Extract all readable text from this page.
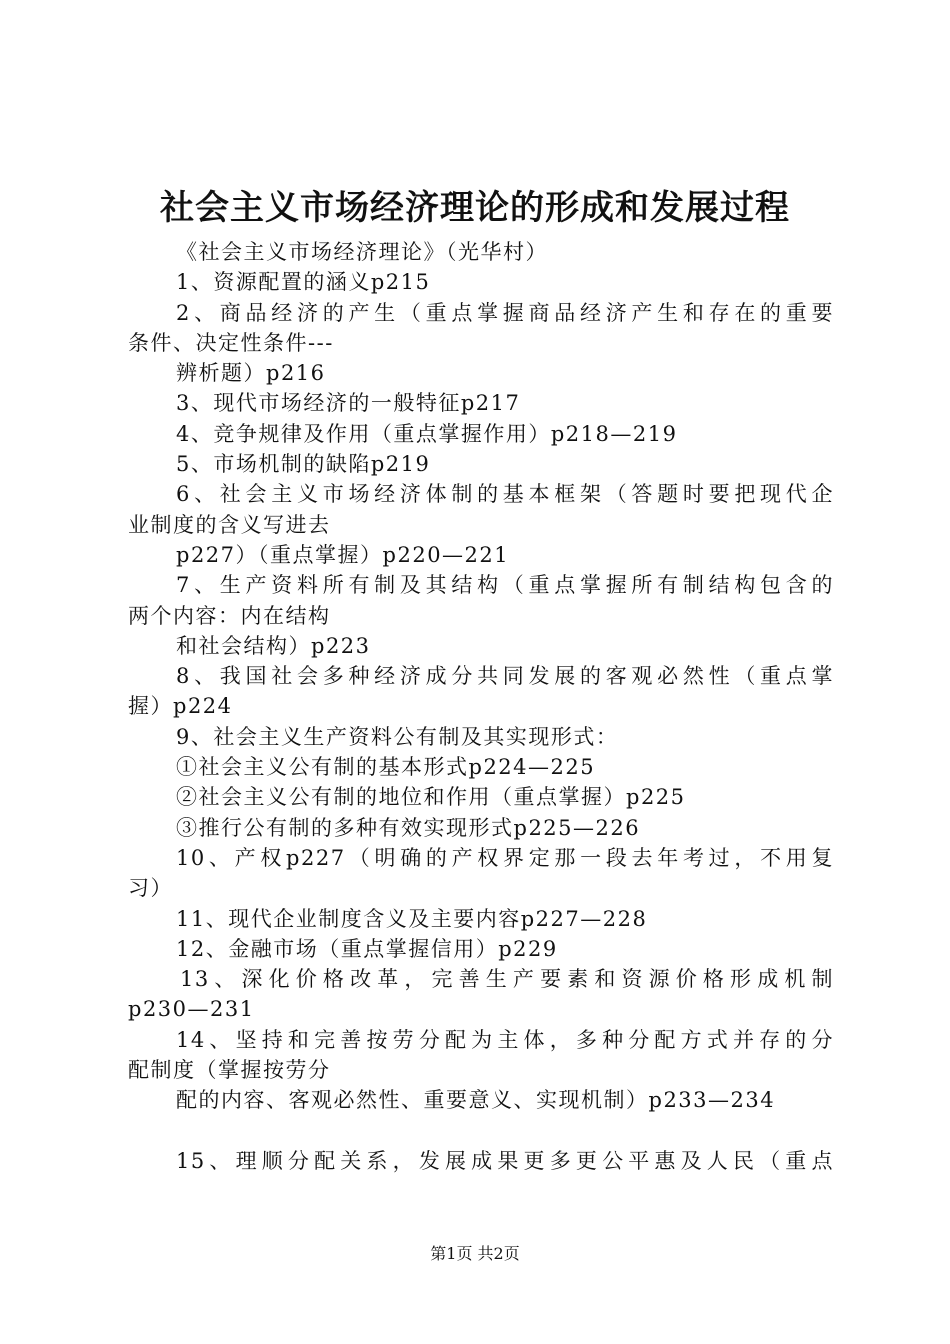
社会主义市场经济理论的形成和发展过程
《社会主义市场经济理论》（光华村）
1、资源配置的涵义p215
2、商品经济的产生（重点掌握商品经济产生和存在的重要
条件、决定性条件---
辨析题）p216
3、现代市场经济的一般特征p217
4、竞争规律及作用（重点掌握作用）p218—219
5、市场机制的缺陷p219
6、社会主义市场经济体制的基本框架（答题时要把现代企
业制度的含义写进去
p227）（重点掌握）p220—221
7、生产资料所有制及其结构（重点掌握所有制结构包含的
两个内容：内在结构
和社会结构）p223
8、我国社会多种经济成分共同发展的客观必然性（重点掌
握）p224
9、社会主义生产资料公有制及其实现形式：
①社会主义公有制的基本形式p224—225
②社会主义公有制的地位和作用（重点掌握）p225
③推行公有制的多种有效实现形式p225—226
10、产权p227（明确的产权界定那一段去年考过，不用复
习）
11、现代企业制度含义及主要内容p227—228
12、金融市场（重点掌握信用）p229
13、深化价格改革，完善生产要素和资源价格形成机制
p230—231
14、坚持和完善按劳分配为主体，多种分配方式并存的分
配制度（掌握按劳分
配的内容、客观必然性、重要意义、实现机制）p233—234
15、理顺分配关系，发展成果更多更公平惠及人民（重点
第1页 共2页
